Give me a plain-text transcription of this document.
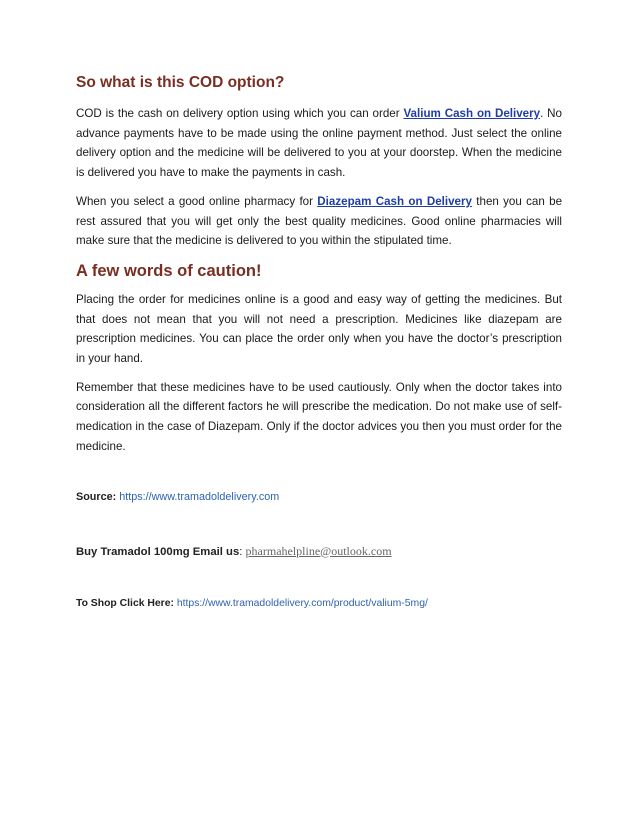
So what is this COD option?

COD is the cash on delivery option using which you can order Valium Cash on Delivery. No advance payments have to be made using the online payment method. Just select the online delivery option and the medicine will be delivered to you at your doorstep. When the medicine is delivered you have to make the payments in cash.

When you select a good online pharmacy for Diazepam Cash on Delivery then you can be rest assured that you will get only the best quality medicines. Good online pharmacies will make sure that the medicine is delivered to you within the stipulated time.

A few words of caution!

Placing the order for medicines online is a good and easy way of getting the medicines. But that does not mean that you will not need a prescription. Medicines like diazepam are prescription medicines. You can place the order only when you have the doctor’s prescription in your hand.

Remember that these medicines have to be used cautiously. Only when the doctor takes into consideration all the different factors he will prescribe the medication. Do not make use of self-medication in the case of Diazepam. Only if the doctor advices you then you must order for the medicine.

Source: https://www.tramadoldelivery.com
Buy Tramadol 100mg Email us: pharmahelpline@outlook.com
To Shop Click Here: https://www.tramadoldelivery.com/product/valium-5mg/
